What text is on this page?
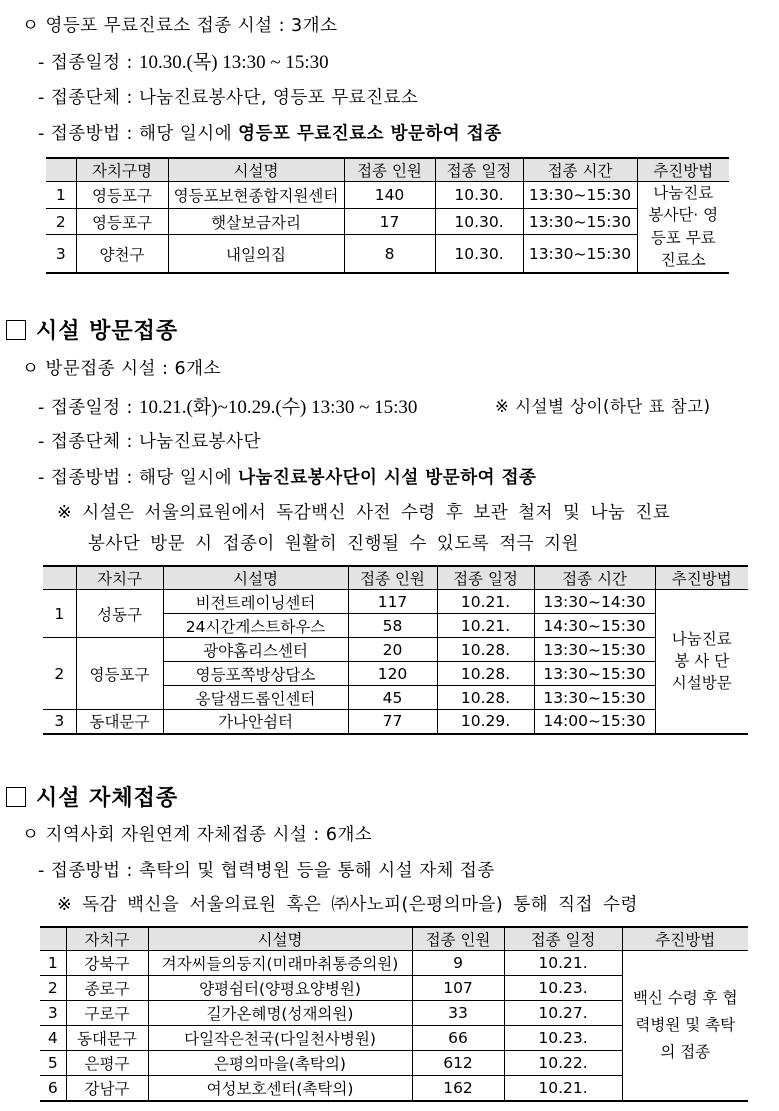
ㅇ 영등포 무료진료소 접종 시설 : 3개소
- 접종일정 : 10.30.(목) 13:30 ~ 15:30
- 접종단체 : 나눔진료봉사단, 영등포 무료진료소
- 접종방법 : 해당 일시에 영등포 무료진료소 방문하여 접종
	자치구명	시설명	접종 인원	접종 일정	접종 시간	추진방법
1	영등포구	영등포보현종합지원센터	140	10.30.	13:30~15:30	나눔진료 봉사단· 영등포 무료진료소
2	영등포구	햇살보금자리	17	10.30.	13:30~15:30	
3	양천구	내일의집	8	10.30.	13:30~15:30	
시설 방문접종
ㅇ 방문접종 시설 : 6개소
- 접종일정 : 10.21.(화)~10.29.(수) 13:30 ~ 15:30	※ 시설별 상이(하단 표 참고)
- 접종단체 : 나눔진료봉사단
- 접종방법 : 해당 일시에 나눔진료봉사단이 시설 방문하여 접종
※ 시설은 서울의료원에서 독감백신 사전 수령 후 보관 철저 및 나눔 진료
봉사단 방문 시 접종이 원활히 진행될 수 있도록 적극 지원
	자치구	시설명	접종 인원	접종 일정	접종 시간	추진방법
1	성동구	비전트레이닝센터	117	10.21.	13:30~14:30	나눔진료 봉 사 단 시설방문
		24시간게스트하우스	58	10.21.	14:30~15:30	
2	영등포구	광야홈리스센터	20	10.28.	13:30~15:30	
		영등포쪽방상담소	120	10.28.	13:30~15:30	
		옹달샘드롭인센터	45	10.28.	13:30~15:30	
3	동대문구	가나안쉼터	77	10.29.	14:00~15:30	
시설 자체접종
ㅇ 지역사회 자원연계 자체접종 시설 : 6개소
- 접종방법 : 촉탁의 및 협력병원 등을 통해 시설 자체 접종
※ 독감 백신을 서울의료원 혹은 ㈜사노피(은평의마을) 통해 직접 수령
	자치구	시설명	접종 인원	접종 일정	추진방법
1	강북구	겨자씨들의둥지(미래마취통증의원)	9	10.21.	백신 수령 후 협력병원 및 촉탁의 접종
2	종로구	양평쉼터(양평요양병원)	107	10.23.	
3	구로구	길가온혜명(성재의원)	33	10.27.	
4	동대문구	다일작은천국(다일천사병원)	66	10.23.	
5	은평구	은평의마을(촉탁의)	612	10.22.	
6	강남구	여성보호센터(촉탁의)	162	10.21.	
